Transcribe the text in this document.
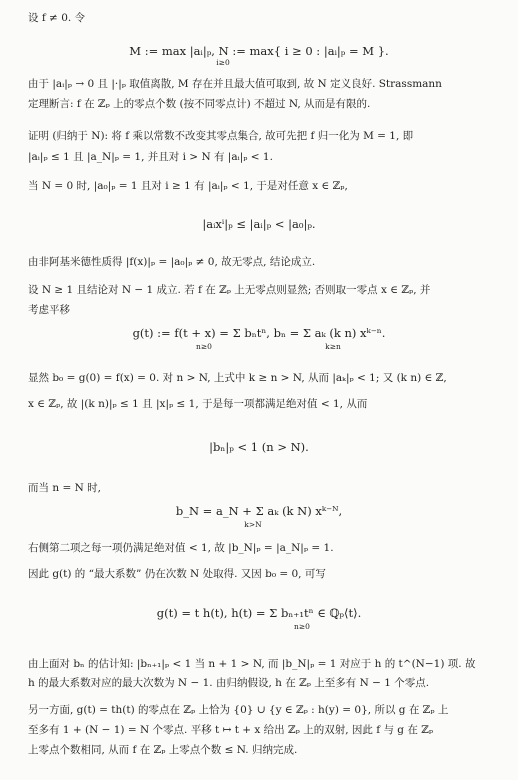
设 f ≠ 0. 令
M := max |aᵢ|ₚ, N := max{ i ≥ 0 : |aᵢ|ₚ = M }.
i≥0
由于 |aᵢ|ₚ → 0 且 |·|ₚ 取值离散, M 存在并且最大值可取到, 故 N 定义良好. Strassmann
定理断言: f 在 ℤₚ 上的零点个数 (按不同零点计) 不超过 N, 从而是有限的.
证明 (归纳于 N): 将 f 乘以常数不改变其零点集合, 故可先把 f 归一化为 M = 1, 即
|aᵢ|ₚ ≤ 1 且 |a_N|ₚ = 1, 并且对 i > N 有 |aᵢ|ₚ < 1.
当 N = 0 时, |a₀|ₚ = 1 且对 i ≥ 1 有 |aᵢ|ₚ < 1, 于是对任意 x ∈ ℤₚ,
|aᵢxⁱ|ₚ ≤ |aᵢ|ₚ < |a₀|ₚ.
由非阿基米德性质得 |f(x)|ₚ = |a₀|ₚ ≠ 0, 故无零点, 结论成立.
设 N ≥ 1 且结论对 N − 1 成立. 若 f 在 ℤₚ 上无零点则显然; 否则取一零点 x ∈ ℤₚ, 并
考虑平移
g(t) := f(t + x) = Σ bₙtⁿ, bₙ = Σ aₖ (k n) xᵏ⁻ⁿ.
n≥0	k≥n
显然 b₀ = g(0) = f(x) = 0. 对 n > N, 上式中 k ≥ n > N, 从而 |aₖ|ₚ < 1; 又 (k n) ∈ ℤ,
x ∈ ℤₚ, 故 |(k n)|ₚ ≤ 1 且 |x|ₚ ≤ 1, 于是每一项都满足绝对值 < 1, 从而
|bₙ|ₚ < 1 (n > N).
而当 n = N 时,
b_N = a_N + Σ aₖ (k N) xᵏ⁻ᴺ,
k>N
右侧第二项之每一项仍满足绝对值 < 1, 故 |b_N|ₚ = |a_N|ₚ = 1.
因此 g(t) 的 “最大系数” 仍在次数 N 处取得. 又因 b₀ = 0, 可写
g(t) = t h(t), h(t) = Σ bₙ₊₁tⁿ ∈ ℚₚ⟨t⟩.
n≥0
由上面对 bₙ 的估计知: |bₙ₊₁|ₚ < 1 当 n + 1 > N, 而 |b_N|ₚ = 1 对应于 h 的 t^(N−1) 项. 故
h 的最大系数对应的最大次数为 N − 1. 由归纳假设, h 在 ℤₚ 上至多有 N − 1 个零点.
另一方面, g(t) = th(t) 的零点在 ℤₚ 上恰为 {0} ∪ {y ∈ ℤₚ : h(y) = 0}, 所以 g 在 ℤₚ 上
至多有 1 + (N − 1) = N 个零点. 平移 t ↦ t + x 给出 ℤₚ 上的双射, 因此 f 与 g 在 ℤₚ
上零点个数相同, 从而 f 在 ℤₚ 上零点个数 ≤ N. 归纳完成.
